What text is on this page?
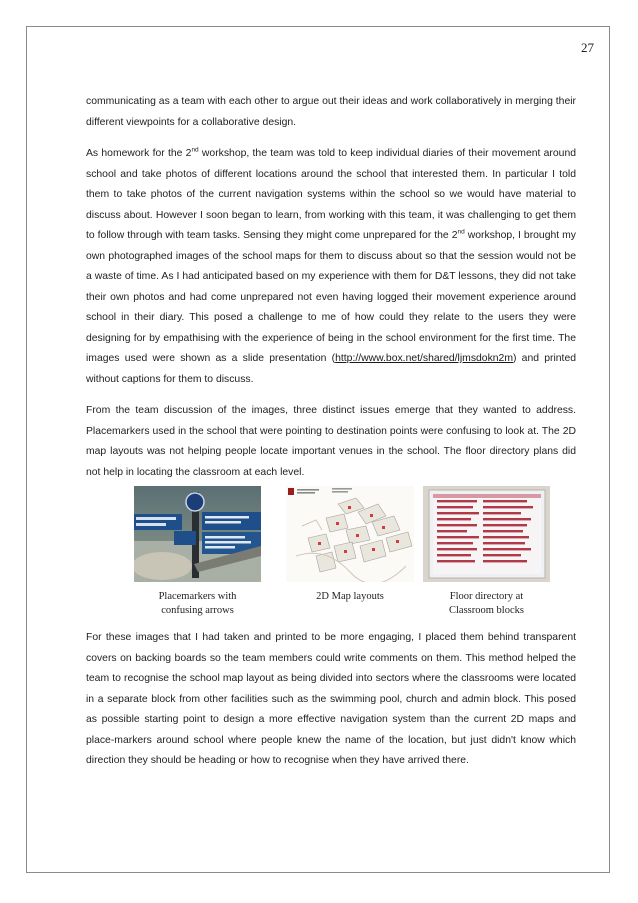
27

communicating as a team with each other to argue out their ideas and work collaboratively in merging their different viewpoints for a collaborative design.

As homework for the 2nd workshop, the team was told to keep individual diaries of their movement around school and take photos of different locations around the school that interested them. In particular I told them to take photos of the current navigation systems within the school so we would have material to discuss about. However I soon began to learn, from working with this team, it was challenging to get them to follow through with team tasks. Sensing they might come unprepared for the 2nd workshop, I brought my own photographed images of the school maps for them to discuss about so that the session would not be a waste of time. As I had anticipated based on my experience with them for D&T lessons, they did not take their own photos and had come unprepared not even having logged their movement experience around school in their diary. This posed a challenge to me of how could they relate to the users they were designing for by empathising with the experience of being in the school environment for the first time. The images used were shown as a slide presentation (http://www.box.net/shared/ljmsdokn2m) and printed without captions for them to discuss.

From the team discussion of the images, three distinct issues emerge that they wanted to address. Placemarkers used in the school that were pointing to destination points were confusing to look at. The 2D map layouts was not helping people locate important venues in the school. The floor directory plans did not help in locating the classroom at each level.

Placemarkers with
confusing arrows
2D Map layouts	Floor directory at
Classroom blocks

For these images that I had taken and printed to be more engaging, I placed them behind transparent covers on backing boards so the team members could write comments on them. This method helped the team to recognise the school map layout as being divided into sectors where the classrooms were located in a separate block from other facilities such as the swimming pool, church and admin block. This posed as possible starting point to design a more effective navigation system than the current 2D maps and place-markers around school where people knew the name of the location, but just didn't know which direction they should be heading or how to recognise when they have arrived there.
